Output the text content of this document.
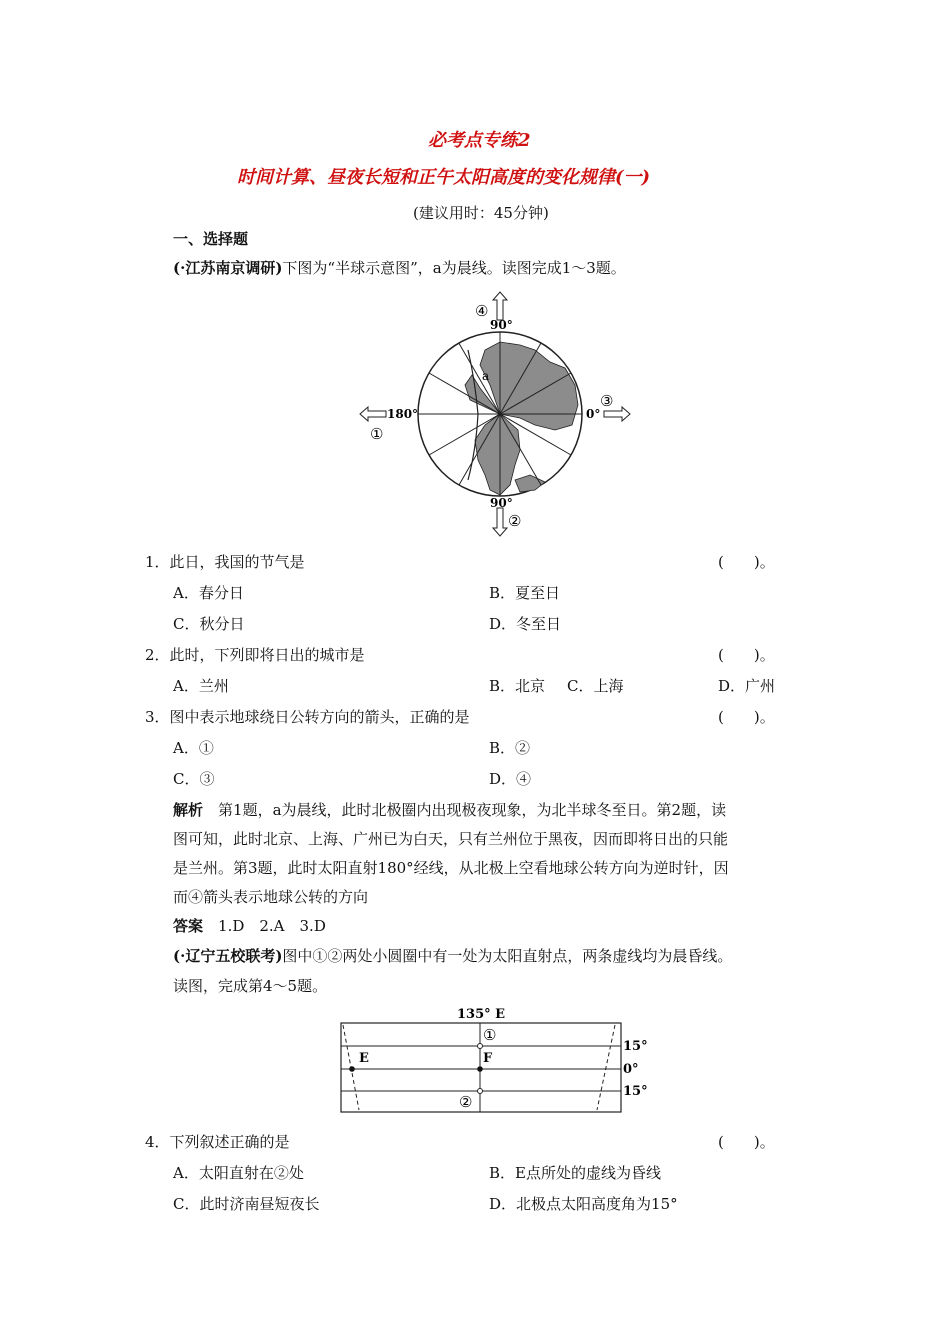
必考点专练2
时间计算、昼夜长短和正午太阳高度的变化规律(一)
(建议用时：45分钟)
一、选择题
(·江苏南京调研)下图为“半球示意图”，a为晨线。读图完成1～3题。
a
④
90°
90°
②
180°
①
0°
③
1．此日，我国的节气是	(　　)。
A．春分日	B．夏至日
C．秋分日	D．冬至日
2．此时，下列即将日出的城市是	(　　)。
A．兰州	B．北京 C．上海	D．广州
3．图中表示地球绕日公转方向的箭头，正确的是	(　　)。
A．①	B．②
C．③	D．④
解析　 第1题，a为晨线，此时北极圈内出现极夜现象，为北半球冬至日。第2题，读
图可知，此时北京、上海、广州已为白天，只有兰州位于黑夜，因而即将日出的只能
是兰州。第3题，此时太阳直射180°经线，从北极上空看地球公转方向为逆时针，因
而④箭头表示地球公转的方向
答案　 1.D　2.A　3.D
(·辽宁五校联考)图中①②两处小圆圈中有一处为太阳直射点，两条虚线均为晨昏线。
读图，完成第4～5题。
135° E
①
②
E	F
15°
0°
15°
4．下列叙述正确的是	(　　)。
A．太阳直射在②处	B．E点所处的虚线为昏线
C．此时济南昼短夜长	D．北极点太阳高度角为15°
